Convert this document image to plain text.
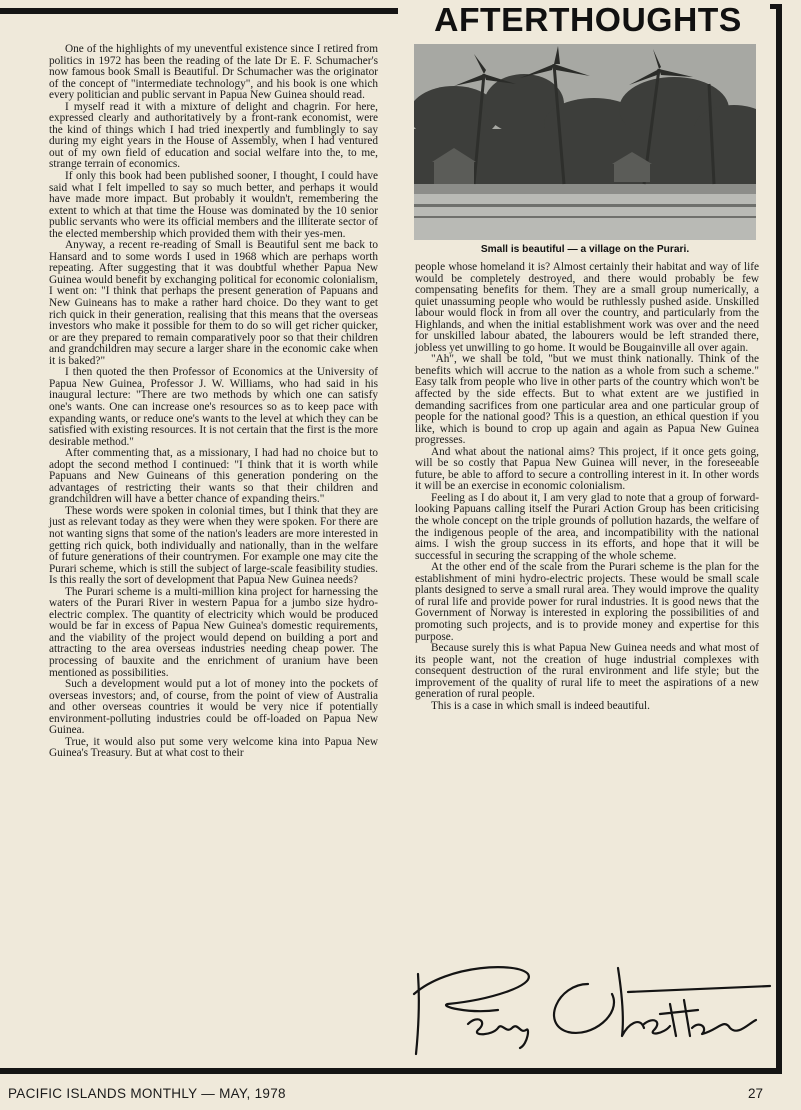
AFTERTHOUGHTS

One of the highlights of my uneventful existence since I retired from politics in 1972 has been the reading of the late Dr E. F. Schumacher's now famous book Small is Beautiful. Dr Schumacher was the originator of the concept of "intermediate technology", and his book is one which every politician and public servant in Papua New Guinea should read.

I myself read it with a mixture of delight and chagrin. For here, expressed clearly and authoritatively by a front-rank economist, were the kind of things which I had tried inexpertly and fumblingly to say during my eight years in the House of Assembly, when I had ventured out of my own field of education and social welfare into the, to me, strange terrain of economics.

If only this book had been published sooner, I thought, I could have said what I felt impelled to say so much better, and perhaps it would have made more impact. But probably it wouldn't, remembering the extent to which at that time the House was dominated by the 10 senior public servants who were its official members and the illiterate sector of the elected membership which provided them with their yes-men.

Anyway, a recent re-reading of Small is Beautiful sent me back to Hansard and to some words I used in 1968 which are perhaps worth repeating. After suggesting that it was doubtful whether Papua New Guinea would benefit by exchanging political for economic colonialism, I went on: "I think that perhaps the present generation of Papuans and New Guineans has to make a rather hard choice. Do they want to get rich quick in their generation, realising that this means that the overseas investors who make it possible for them to do so will get richer quicker, or are they prepared to remain comparatively poor so that their children and grandchildren may secure a larger share in the economic cake when it is baked?"

I then quoted the then Professor of Economics at the University of Papua New Guinea, Professor J. W. Williams, who had said in his inaugural lecture: "There are two methods by which one can satisfy one's wants. One can increase one's resources so as to keep pace with expanding wants, or reduce one's wants to the level at which they can be satisfied with existing resources. It is not certain that the first is the more desirable method."

After commenting that, as a missionary, I had had no choice but to adopt the second method I continued: "I think that it is worth while Papuans and New Guineans of this generation pondering on the advantages of restricting their wants so that their children and grandchildren will have a better chance of expanding theirs."

These words were spoken in colonial times, but I think that they are just as relevant today as they were when they were spoken. For there are not wanting signs that some of the nation's leaders are more interested in getting rich quick, both individually and nationally, than in the welfare of future generations of their countrymen. For example one may cite the Purari scheme, which is still the subject of large-scale feasibility studies. Is this really the sort of development that Papua New Guinea needs?

The Purari scheme is a multi-million kina project for harnessing the waters of the Purari River in western Papua for a jumbo size hydro-electric complex. The quantity of electricity which would be produced would be far in excess of Papua New Guinea's domestic requirements, and the viability of the project would depend on building a port and attracting to the area overseas industries needing cheap power. The processing of bauxite and the enrichment of uranium have been mentioned as possibilities.

Such a development would put a lot of money into the pockets of overseas investors; and, of course, from the point of view of Australia and other overseas countries it would be very nice if potentially environment-polluting industries could be off-loaded on Papua New Guinea.

True, it would also put some very welcome kina into Papua New Guinea's Treasury. But at what cost to their

Small is beautiful — a village on the Purari.

people whose homeland it is? Almost certainly their habitat and way of life would be completely destroyed, and there would probably be few compensating benefits for them. They are a small group numerically, a quiet unassuming people who would be ruthlessly pushed aside. Unskilled labour would flock in from all over the country, and particularly from the Highlands, and when the initial establishment work was over and the need for unskilled labour abated, the labourers would be left stranded there, jobless yet unwilling to go home. It would be Bougainville all over again.

"Ah", we shall be told, "but we must think nationally. Think of the benefits which will accrue to the nation as a whole from such a scheme." Easy talk from people who live in other parts of the country which won't be affected by the side effects. But to what extent are we justified in demanding sacrifices from one particular area and one particular group of people for the national good? This is a question, an ethical question if you like, which is bound to crop up again and again as Papua New Guinea progresses.

And what about the national aims? This project, if it once gets going, will be so costly that Papua New Guinea will never, in the foreseeable future, be able to afford to secure a controlling interest in it. In other words it will be an exercise in economic colonialism.

Feeling as I do about it, I am very glad to note that a group of forward-looking Papuans calling itself the Purari Action Group has been criticising the whole concept on the triple grounds of pollution hazards, the welfare of the indigenous people of the area, and incompatibility with the national aims. I wish the group success in its efforts, and hope that it will be successful in securing the scrapping of the whole scheme.

At the other end of the scale from the Purari scheme is the plan for the establishment of mini hydro-electric projects. These would be small scale plants designed to serve a small rural area. They would improve the quality of rural life and provide power for rural industries. It is good news that the Government of Norway is interested in exploring the possibilities of and promoting such projects, and is to provide money and expertise for this purpose.

Because surely this is what Papua New Guinea needs and what most of its people want, not the creation of huge industrial complexes with consequent destruction of the rural environment and life style; but the improvement of the quality of rural life to meet the aspirations of a new generation of rural people.

This is a case in which small is indeed beautiful.

PACIFIC ISLANDS MONTHLY — MAY, 1978	27
